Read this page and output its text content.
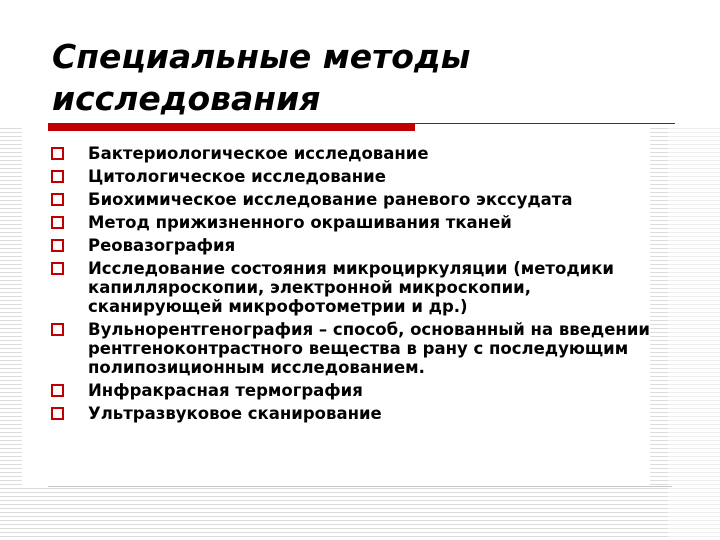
Специальные методы
исследования
Бактериологическое исследование
Цитологическое исследование
Биохимическое исследование раневого экссудата
Метод прижизненного окрашивания тканей
Реовазография
Исследование состояния микроциркуляции (методики капилляроскопии, электронной микроскопии, сканирующей микрофотометрии и др.)
Вульнорентгенография – способ, основанный на введении рентгеноконтрастного вещества в рану с последующим полипозиционным исследованием.
Инфракрасная термография
Ультразвуковое сканирование
